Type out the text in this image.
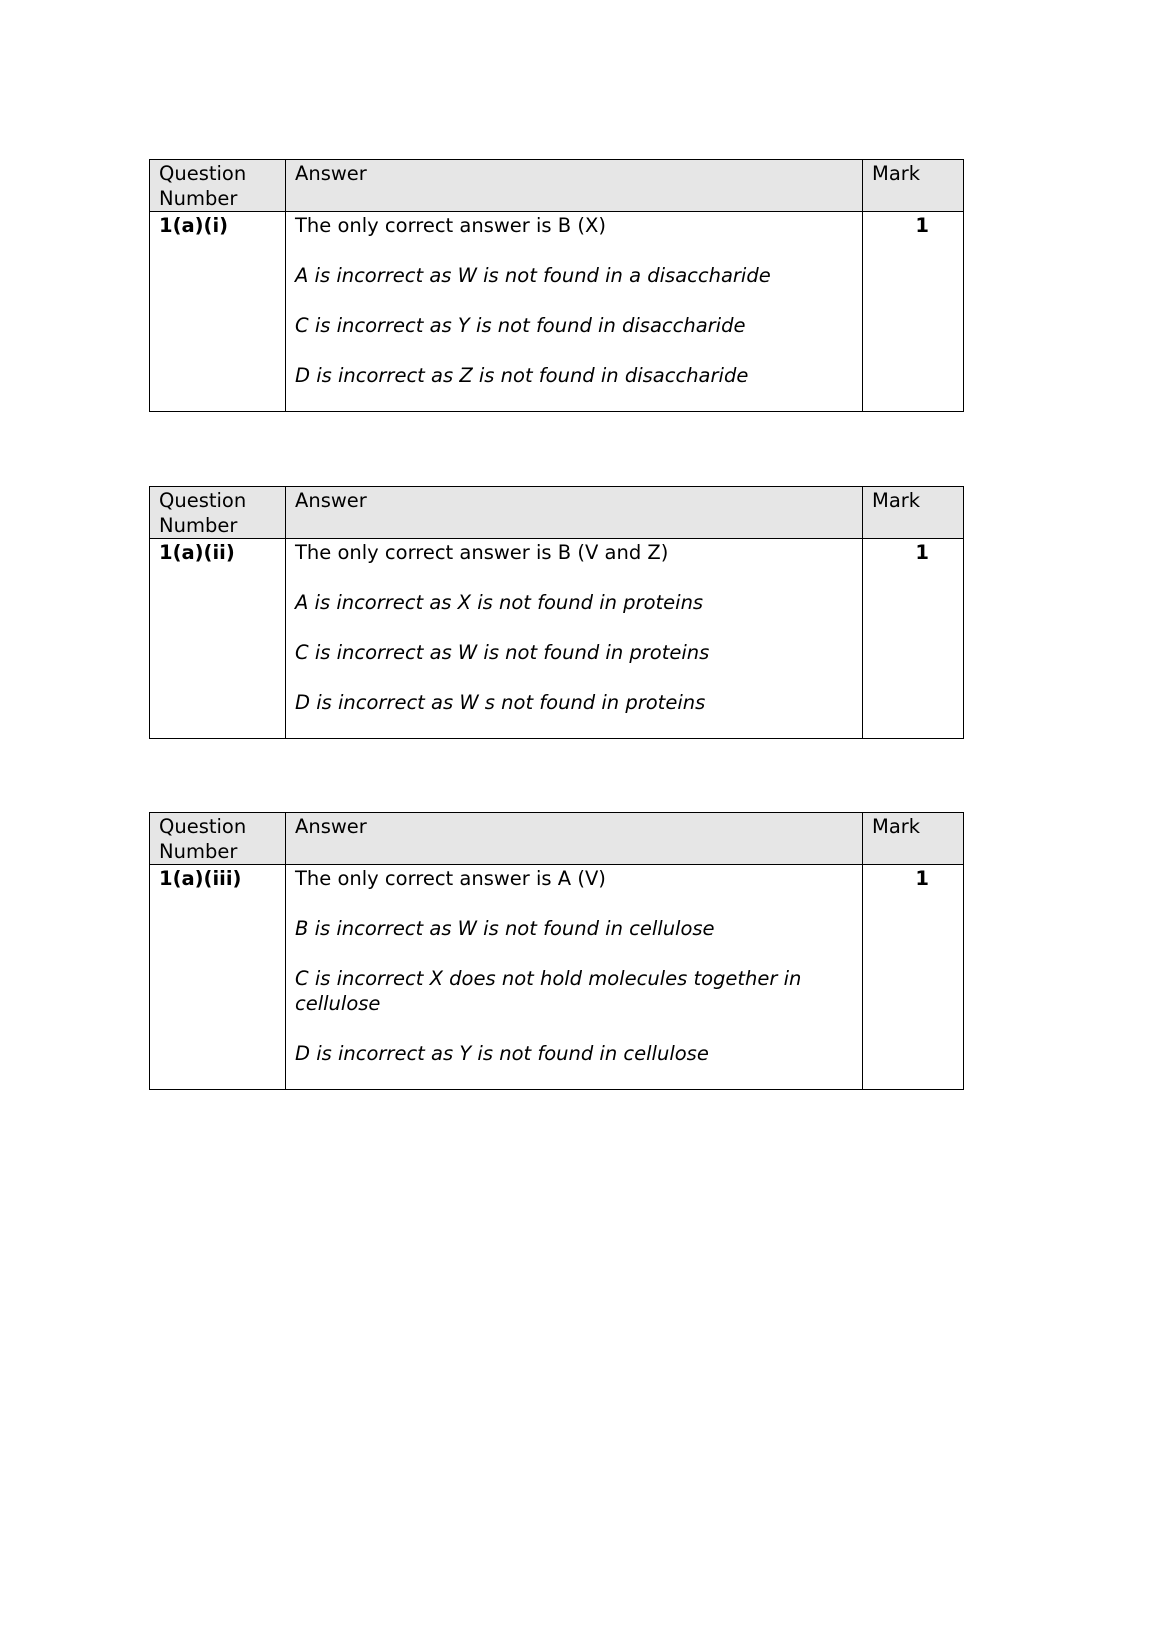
Question Number	Answer	Mark
1(a)(i)	The only correct answer is B (X)

A is incorrect as W is not found in a disaccharide

C is incorrect as Y is not found in disaccharide

D is incorrect as Z is not found in disaccharide	1
Question Number	Answer	Mark
1(a)(ii)	The only correct answer is B (V and Z)

A is incorrect as X is not found in proteins

C is incorrect as W is not found in proteins

D is incorrect as W s not found in proteins	1
Question Number	Answer	Mark
1(a)(iii)	The only correct answer is A (V)

B is incorrect as W is not found in cellulose

C is incorrect X does not hold molecules together in cellulose

D is incorrect as Y is not found in cellulose	1
